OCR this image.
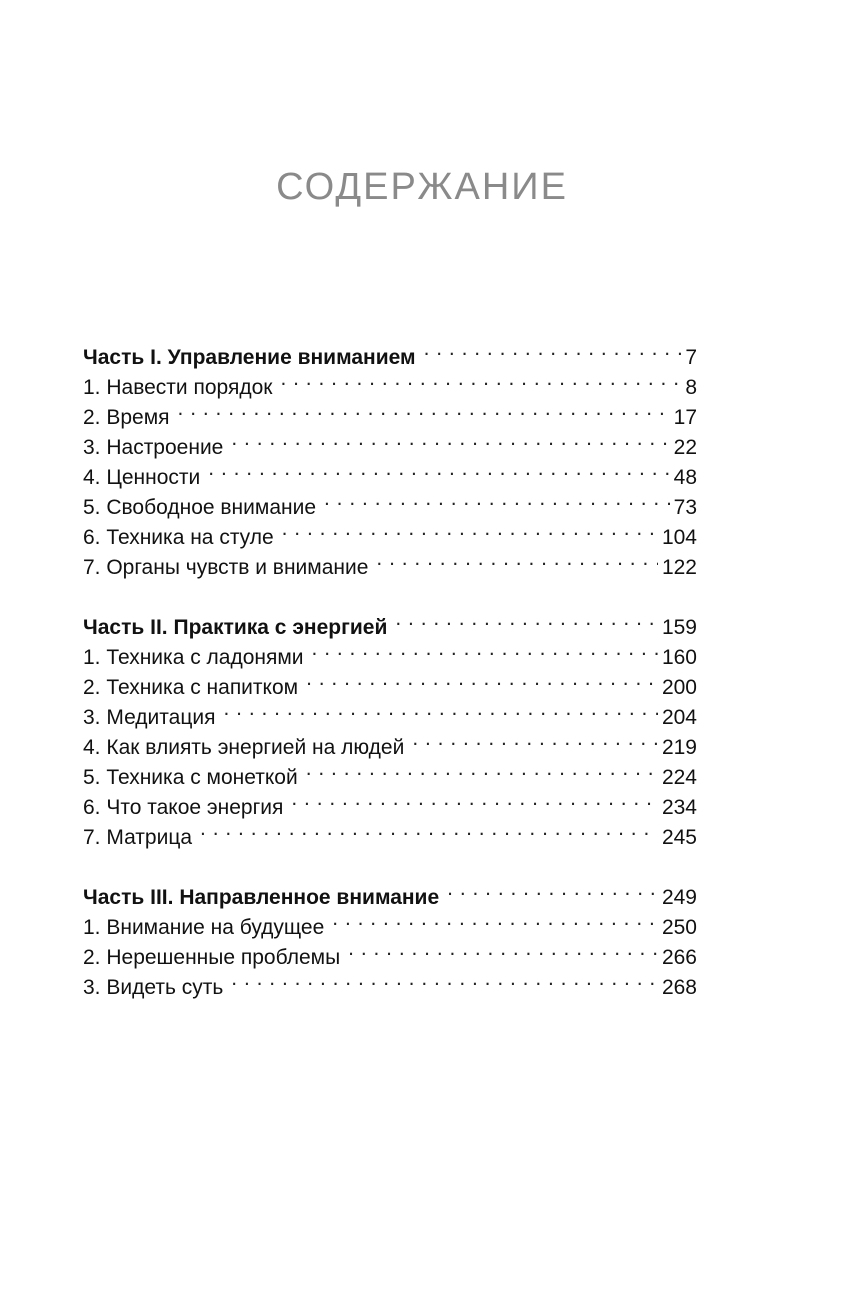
СОДЕРЖАНИЕ
Часть I. Управление вниманием . . .	7
1. Навести порядок . . .	8
2. Время . . .	17
3. Настроение . . .	22
4. Ценности . . .	48
5. Свободное внимание . . .	73
6. Техника на стуле . . .	104
7. Органы чувств и внимание . . .	122
Часть II. Практика с энергией . . .	159
1. Техника с ладонями . . .	160
2. Техника с напитком . . .	200
3. Медитация . . .	204
4. Как влиять энергией на людей . . .	219
5. Техника с монеткой . . .	224
6. Что такое энергия . . .	234
7. Матрица . . .	245
Часть III. Направленное внимание . . .	249
1. Внимание на будущее . . .	250
2. Нерешенные проблемы . . .	266
3. Видеть суть . . .	268
